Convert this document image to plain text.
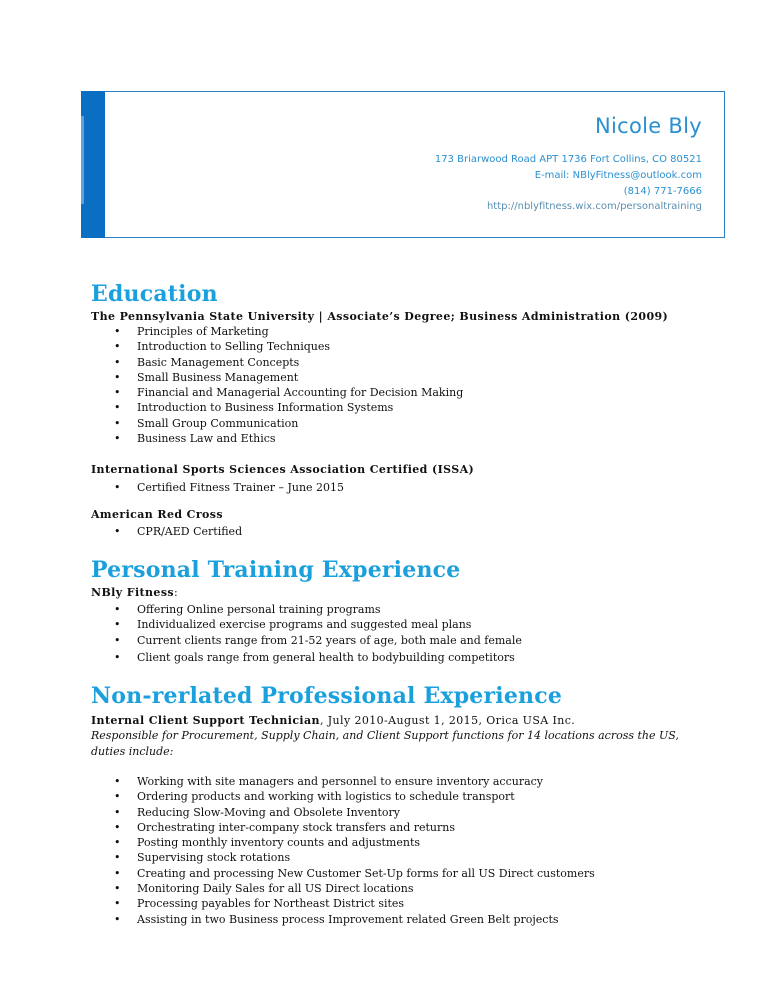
Nicole Bly
173 Briarwood Road APT 1736 Fort Collins, CO 80521
E-mail: NBlyFitness@outlook.com
(814) 771-7666
http://nblyfitness.wix.com/personaltraining
Education
The Pennsylvania State University | Associate’s Degree; Business Administration (2009)
• Principles of Marketing
• Introduction to Selling Techniques
• Basic Management Concepts
• Small Business Management
• Financial and Managerial Accounting for Decision Making
• Introduction to Business Information Systems
• Small Group Communication
• Business Law and Ethics
International Sports Sciences Association Certified (ISSA)
• Certified Fitness Trainer – June 2015
American Red Cross
• CPR/AED Certified
Personal Training Experience
NBly Fitness:
• Offering Online personal training programs
• Individualized exercise programs and suggested meal plans
• Current clients range from 21-52 years of age, both male and female
• Client goals range from general health to bodybuilding competitors
Non-rerlated Professional Experience
Internal Client Support Technician, July 2010-August 1, 2015, Orica USA Inc.
Responsible for Procurement, Supply Chain, and Client Support functions for 14 locations across the US, duties include:
• Working with site managers and personnel to ensure inventory accuracy
• Ordering products and working with logistics to schedule transport
• Reducing Slow-Moving and Obsolete Inventory
• Orchestrating inter-company stock transfers and returns
• Posting monthly inventory counts and adjustments
• Supervising stock rotations
• Creating and processing New Customer Set-Up forms for all US Direct customers
• Monitoring Daily Sales for all US Direct locations
• Processing payables for Northeast District sites
• Assisting in two Business process Improvement related Green Belt projects
